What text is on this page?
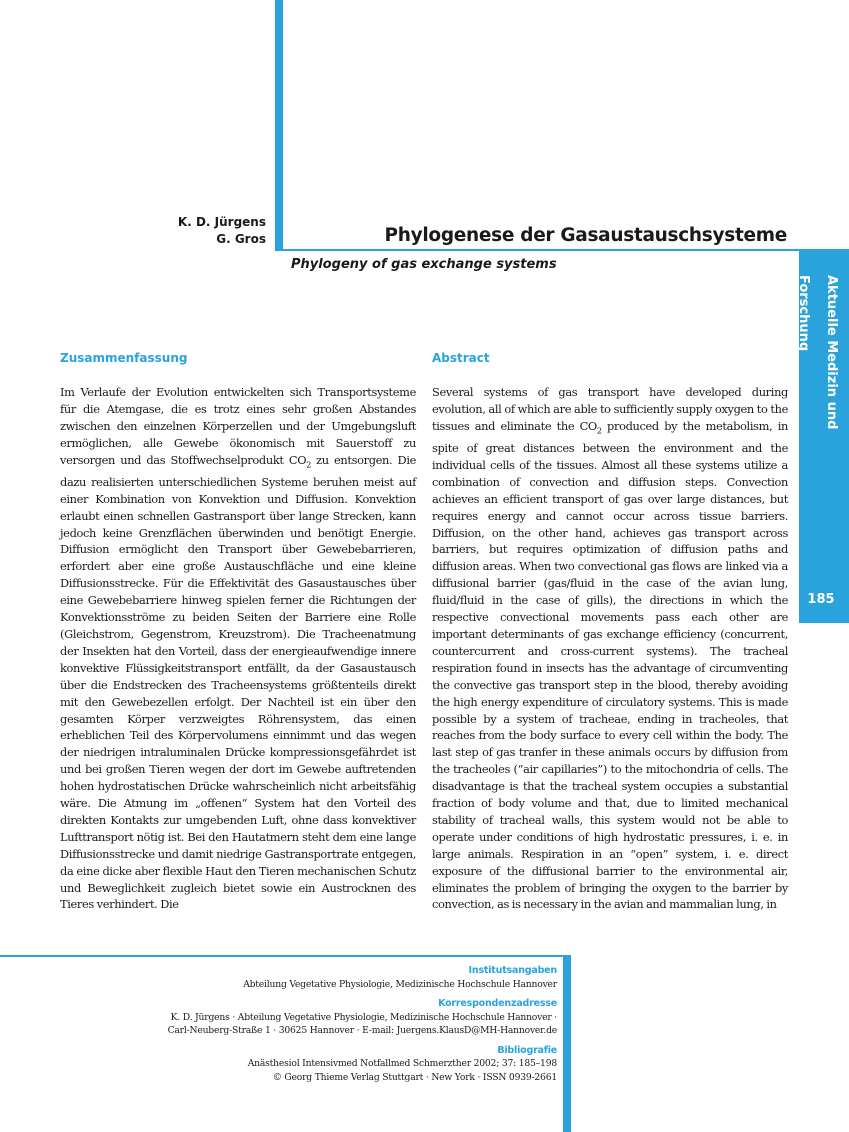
K. D. Jürgens
G. Gros	Phylogenese der Gasaustauschsysteme
Phylogeny of gas exchange systems
Aktuelle Medizin und Forschung
185
Zusammenfassung

Im Verlaufe der Evolution entwickelten sich Transportsysteme für die Atemgase, die es trotz eines sehr großen Abstandes zwischen den einzelnen Körperzellen und der Umgebungsluft ermöglichen, alle Gewebe ökonomisch mit Sauerstoff zu versorgen und das Stoffwechselprodukt $CO_2$ zu entsorgen. Die dazu realisierten unterschiedlichen Systeme beruhen meist auf einer Kombination von Konvektion und Diffusion. Konvektion erlaubt einen schnellen Gastransport über lange Strecken, kann jedoch keine Grenzflächen überwinden und benötigt Energie. Diffusion ermöglicht den Transport über Gewebebarrieren, erfordert aber eine große Austauschfläche und eine kleine Diffusionsstrecke. Für die Effektivität des Gasaustausches über eine Gewebebarriere hinweg spielen ferner die Richtungen der Konvektionsströme zu beiden Seiten der Barriere eine Rolle (Gleichstrom, Gegenstrom, Kreuzstrom). Die Tracheenatmung der Insekten hat den Vorteil, dass der energieaufwendige innere konvektive Flüssigkeitstransport entfällt, da der Gasaustausch über die Endstrecken des Tracheensystems größtenteils direkt mit den Gewebezellen erfolgt. Der Nachteil ist ein über den gesamten Körper verzweigtes Röhrensystem, das einen erheblichen Teil des Körpervolumens einnimmt und das wegen der niedrigen intraluminalen Drücke kompressionsgefährdet ist und bei großen Tieren wegen der dort im Gewebe auftretenden hohen hydrostatischen Drücke wahrscheinlich nicht arbeitsfähig wäre. Die Atmung im „offenen“ System hat den Vorteil des direkten Kontakts zur umgebenden Luft, ohne dass konvektiver Lufttransport nötig ist. Bei den Hautatmern steht dem eine lange Diffusionsstrecke und damit niedrige Gastransportrate entgegen, da eine dicke aber flexible Haut den Tieren mechanischen Schutz und Beweglichkeit zugleich bietet sowie ein Austrocknen des Tieres verhindert. Die

Abstract

Several systems of gas transport have developed during evolution, all of which are able to sufficiently supply oxygen to the tissues and eliminate the $CO_2$ produced by the metabolism, in spite of great distances between the environment and the individual cells of the tissues. Almost all these systems utilize a combination of convection and diffusion steps. Convection achieves an efficient transport of gas over large distances, but requires energy and cannot occur across tissue barriers. Diffusion, on the other hand, achieves gas transport across barriers, but requires optimization of diffusion paths and diffusion areas. When two convectional gas flows are linked via a diffusional barrier (gas/fluid in the case of the avian lung, fluid/fluid in the case of gills), the directions in which the respective convectional movements pass each other are important determinants of gas exchange efficiency (concurrent, countercurrent and cross-current systems). The tracheal respiration found in insects has the advantage of circumventing the convective gas transport step in the blood, thereby avoiding the high energy expenditure of circulatory systems. This is made possible by a system of tracheae, ending in tracheoles, that reaches from the body surface to every cell within the body. The last step of gas tranfer in these animals occurs by diffusion from the tracheoles (“air capillaries”) to the mitochondria of cells. The disadvantage is that the tracheal system occupies a substantial fraction of body volume and that, due to limited mechanical stability of tracheal walls, this system would not be able to operate under conditions of high hydrostatic pressures, i. e. in large animals. Respiration in an “open” system, i. e. direct exposure of the diffusional barrier to the environmental air, eliminates the problem of bringing the oxygen to the barrier by convection, as is necessary in the avian and mammalian lung, in

Institutsangaben
Abteilung Vegetative Physiologie, Medizinische Hochschule Hannover
Korrespondenzadresse
K. D. Jürgens · Abteilung Vegetative Physiologie, Medizinische Hochschule Hannover ·
Carl-Neuberg-Straße 1 · 30625 Hannover · E-mail: Juergens.KlausD@MH-Hannover.de
Bibliografie
Anästhesiol Intensivmed Notfallmed Schmerzther 2002; 37: 185–198
© Georg Thieme Verlag Stuttgart · New York · ISSN 0939-2661
